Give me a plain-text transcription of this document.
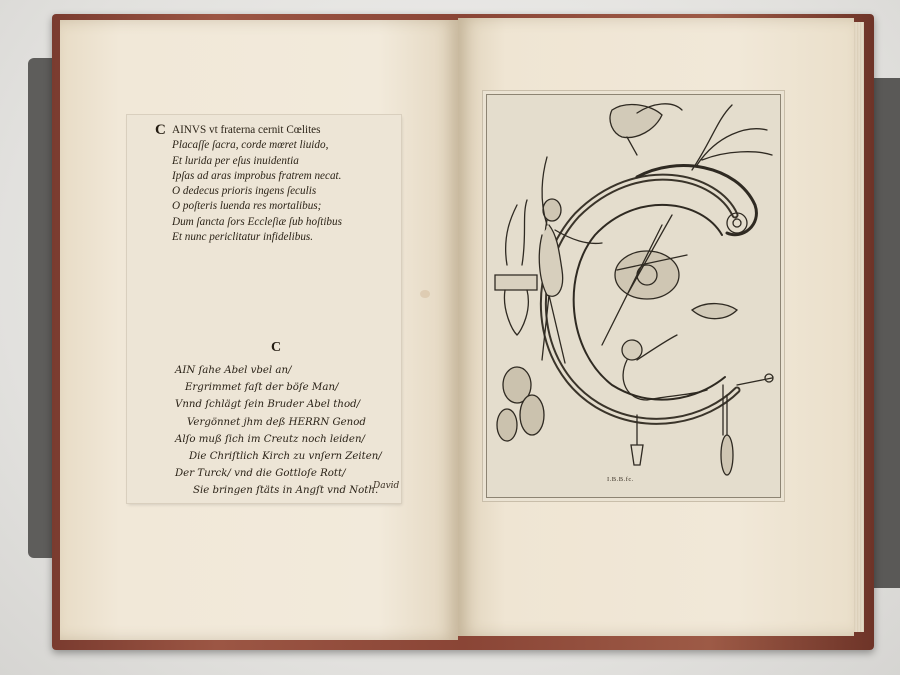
C AINVS vt fraterna cernit Cœlites
Placaſſe ſacra, corde mœret liuido,
Et lurida per eſus inuidentia
Ipſas ad aras improbus fratrem necat.
O dedecus prioris ingens ſeculis
O poſteris luenda res mortalibus;
Dum ſancta ſors Eccleſiæ ſub hoſtibus
Et nunc periclitatur infidelibus.
C
AIN ſahe Abel vbel an/
Ergrimmet faſt der böſe Man/
Vnnd ſchlägt ſein Bruder Abel thod/
Vergönnet jhm deß HERRN Genod
Alſo muß ſich im Creutz noch leiden/
Die Chriſtlich Kirch zu vnſern Zeiten/
Der Turck/ vnd die Gottloſe Rott/
Sie bringen ſtäts in Angſt vnd Noth.
David
I.B.B.fc.
